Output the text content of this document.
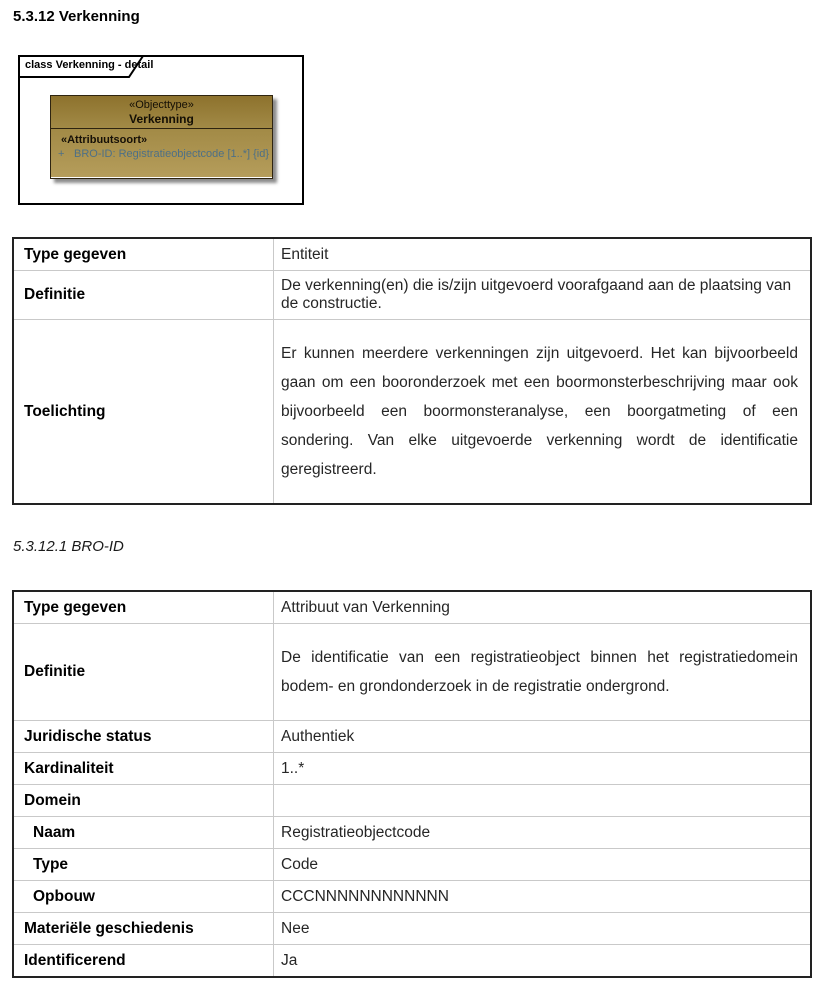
5.3.12 Verkenning
class Verkenning - detail
«Objecttype»
Verkenning
«Attribuutsoort»
+ BRO-ID: Registratieobjectcode [1..*] {id}
Type gegeven	Entiteit
Definitie	De verkenning(en) die is/zijn uitgevoerd voorafgaand aan de plaatsing van de constructie.
Toelichting	Er kunnen meerdere verkenningen zijn uitgevoerd. Het kan bijvoorbeeld gaan om een booronderzoek met een boormonsterbeschrijving maar ook bijvoorbeeld een boormonsteranalyse, een boorgatmeting of een sondering. Van elke uitgevoerde verkenning wordt de identificatie geregistreerd.
5.3.12.1 BRO-ID
Type gegeven	Attribuut van Verkenning
Definitie	De identificatie van een registratieobject binnen het registratiedomein bodem- en grondonderzoek in de registratie ondergrond.
Juridische status	Authentiek
Kardinaliteit	1..*
Domein	
Naam	Registratieobjectcode
Type	Code
Opbouw	CCCNNNNNNNNNNNN
Materiële geschiedenis	Nee
Identificerend	Ja
